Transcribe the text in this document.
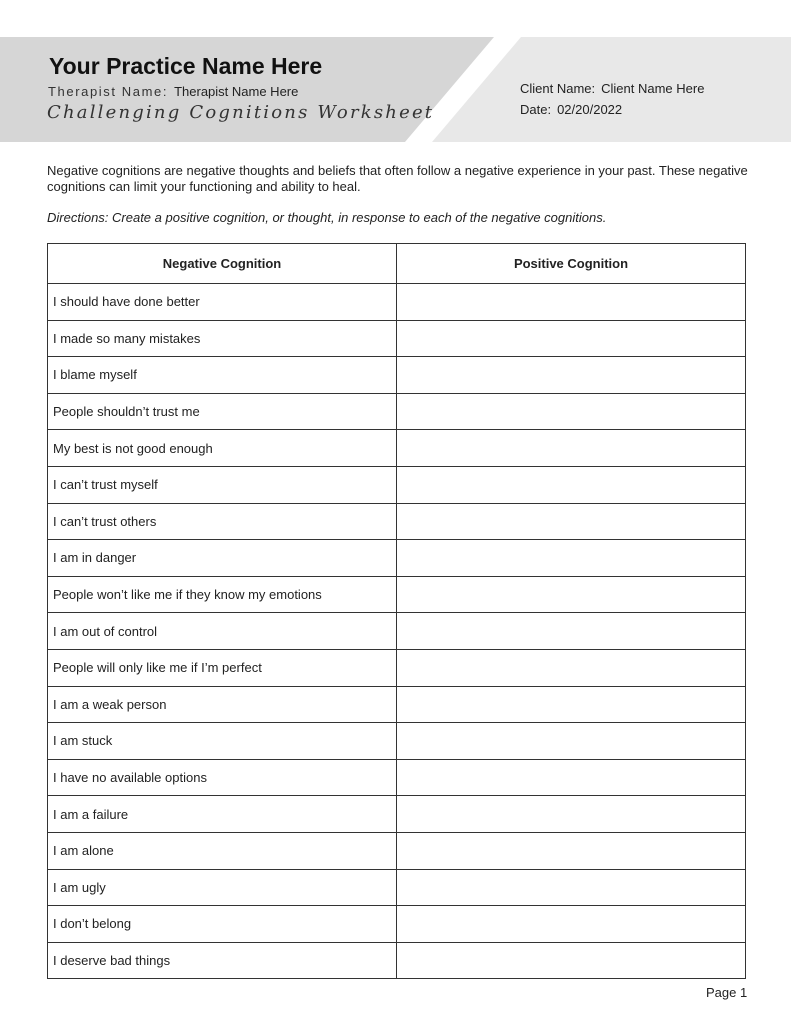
Your Practice Name Here
Therapist Name: Therapist Name Here
Challenging Cognitions Worksheet
Client Name: Client Name Here
Date: 02/20/2022
Negative cognitions are negative thoughts and beliefs that often follow a negative experience in your past. These negative cognitions can limit your functioning and ability to heal.
Directions: Create a positive cognition, or thought, in response to each of the negative cognitions.
Negative Cognition	Positive Cognition
I should have done better	
I made so many mistakes	
I blame myself	
People shouldn’t trust me	
My best is not good enough	
I can’t trust myself	
I can’t trust others	
I am in danger	
People won’t like me if they know my emotions	
I am out of control	
People will only like me if I’m perfect	
I am a weak person	
I am stuck	
I have no available options	
I am a failure	
I am alone	
I am ugly	
I don’t belong	
I deserve bad things	
Page 1
